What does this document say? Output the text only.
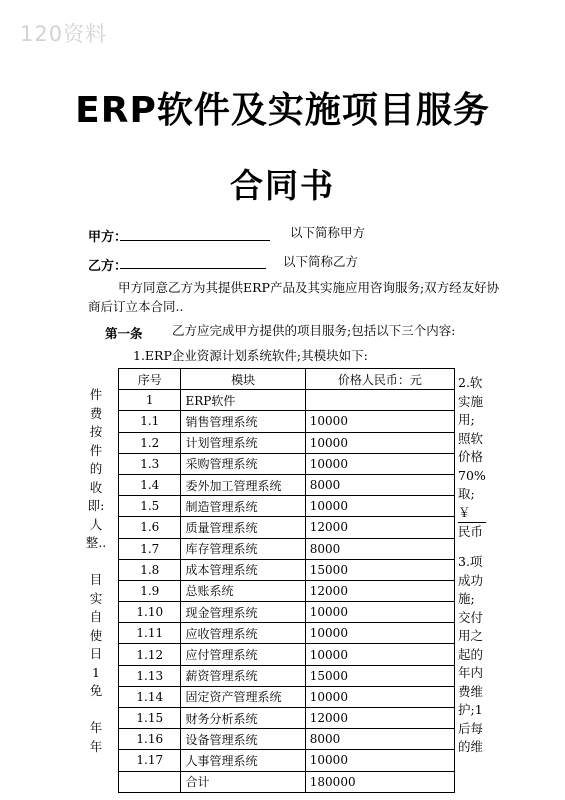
120资料
ERP软件及实施项目服务
合同书
甲方：	以下简称甲方
乙方：	以下简称乙方
甲方同意乙方为其提供ERP产品及其实施应用咨询服务;双方经友好协
商后订立本合同..
第一条 乙方应完成甲方提供的项目服务;包括以下三个内容:
1.ERP企业资源计划系统软件;其模块如下:
序号	模块	价格人民币：元
1	ERP软件	
1.1	销售管理系统	10000
1.2	计划管理系统	10000
1.3	采购管理系统	10000
1.4	委外加工管理系统	8000
1.5	制造管理系统	10000
1.6	质量管理系统	12000
1.7	库存管理系统	8000
1.8	成本管理系统	15000
1.9	总账系统	12000
1.10	现金管理系统	10000
1.11	应收管理系统	10000
1.12	应付管理系统	10000
1.13	薪资管理系统	15000
1.14	固定资产管理系统	10000
1.15	财务分析系统	12000
1.16	设备管理系统	8000
1.17	人事管理系统	10000
	合计	180000
件
费
按
件
的
收
即:
人
整..
目
实
自
使
日
1
免
年
年
2.软
实施
用;
照软
价格
70%
取;
￥
民币
3.项
成功
施;
交付
用之
起的
年内
费维
护;1
后每
的维
